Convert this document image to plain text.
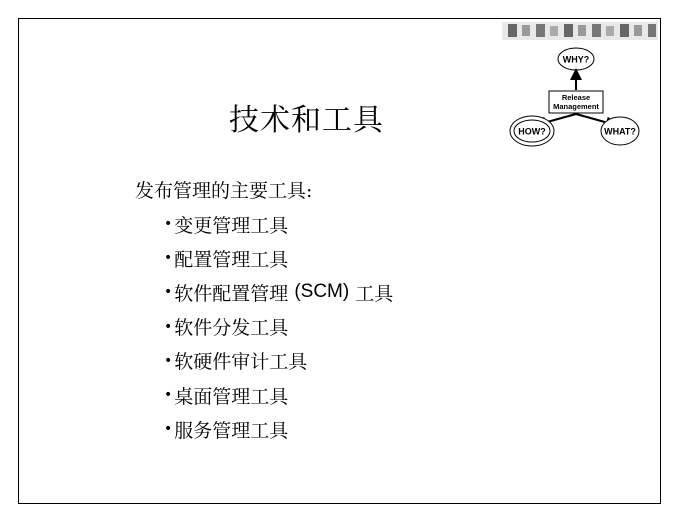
技术和工具
发布管理的主要工具:
• 变更管理工具
• 配置管理工具
• 软件配置管理 (SCM) 工具
• 软件分发工具
• 软硬件审计工具
• 桌面管理工具
• 服务管理工具
WHY?
Release
Management
HOW?	WHAT?
